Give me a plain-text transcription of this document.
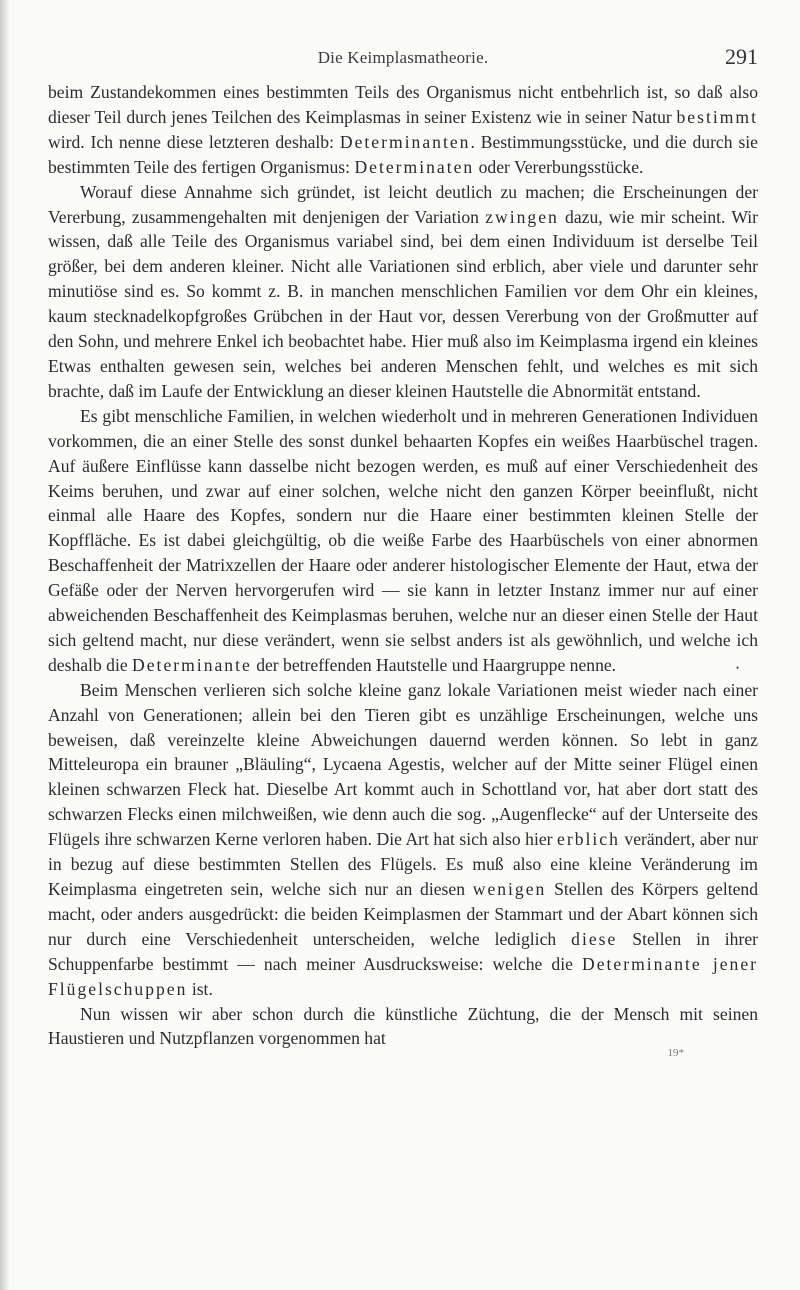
Die Keimplasmatheorie.	291

beim Zustandekommen eines bestimmten Teils des Organismus nicht entbehrlich ist, so daß also dieser Teil durch jenes Teilchen des Keimplasmas in seiner Existenz wie in seiner Natur bestimmt wird. Ich nenne diese letzteren deshalb: Determinanten. Bestimmungsstücke, und die durch sie bestimmten Teile des fertigen Organismus: Determinaten oder Vererbungsstücke.

Worauf diese Annahme sich gründet, ist leicht deutlich zu machen; die Erscheinungen der Vererbung, zusammengehalten mit denjenigen der Variation zwingen dazu, wie mir scheint. Wir wissen, daß alle Teile des Organismus variabel sind, bei dem einen Individuum ist derselbe Teil größer, bei dem anderen kleiner. Nicht alle Variationen sind erblich, aber viele und darunter sehr minutiöse sind es. So kommt z. B. in manchen menschlichen Familien vor dem Ohr ein kleines, kaum stecknadelkopfgroßes Grübchen in der Haut vor, dessen Vererbung von der Großmutter auf den Sohn, und mehrere Enkel ich beobachtet habe. Hier muß also im Keimplasma irgend ein kleines Etwas enthalten gewesen sein, welches bei anderen Menschen fehlt, und welches es mit sich brachte, daß im Laufe der Entwicklung an dieser kleinen Hautstelle die Abnormität entstand.

Es gibt menschliche Familien, in welchen wiederholt und in mehreren Generationen Individuen vorkommen, die an einer Stelle des sonst dunkel behaarten Kopfes ein weißes Haarbüschel tragen. Auf äußere Einflüsse kann dasselbe nicht bezogen werden, es muß auf einer Verschiedenheit des Keims beruhen, und zwar auf einer solchen, welche nicht den ganzen Körper beeinflußt, nicht einmal alle Haare des Kopfes, sondern nur die Haare einer bestimmten kleinen Stelle der Kopffläche. Es ist dabei gleichgültig, ob die weiße Farbe des Haarbüschels von einer abnormen Beschaffenheit der Matrixzellen der Haare oder anderer histologischer Elemente der Haut, etwa der Gefäße oder der Nerven hervorgerufen wird — sie kann in letzter Instanz immer nur auf einer abweichenden Beschaffenheit des Keimplasmas beruhen, welche nur an dieser einen Stelle der Haut sich geltend macht, nur diese verändert, wenn sie selbst anders ist als gewöhnlich, und welche ich deshalb die Determinante der betreffenden Hautstelle und Haargruppe nenne.

Beim Menschen verlieren sich solche kleine ganz lokale Variationen meist wieder nach einer Anzahl von Generationen; allein bei den Tieren gibt es unzählige Erscheinungen, welche uns beweisen, daß vereinzelte kleine Abweichungen dauernd werden können. So lebt in ganz Mitteleuropa ein brauner „Bläuling“, Lycaena Agestis, welcher auf der Mitte seiner Flügel einen kleinen schwarzen Fleck hat. Dieselbe Art kommt auch in Schottland vor, hat aber dort statt des schwarzen Flecks einen milchweißen, wie denn auch die sog. „Augenflecke“ auf der Unterseite des Flügels ihre schwarzen Kerne verloren haben. Die Art hat sich also hier erblich verändert, aber nur in bezug auf diese bestimmten Stellen des Flügels. Es muß also eine kleine Veränderung im Keimplasma eingetreten sein, welche sich nur an diesen wenigen Stellen des Körpers geltend macht, oder anders ausgedrückt: die beiden Keimplasmen der Stammart und der Abart können sich nur durch eine Verschiedenheit unterscheiden, welche lediglich diese Stellen in ihrer Schuppenfarbe bestimmt — nach meiner Ausdrucksweise: welche die Determinante jener Flügelschuppen ist.

Nun wissen wir aber schon durch die künstliche Züchtung, die der Mensch mit seinen Haustieren und Nutzpflanzen vorgenommen hat

19*
•
